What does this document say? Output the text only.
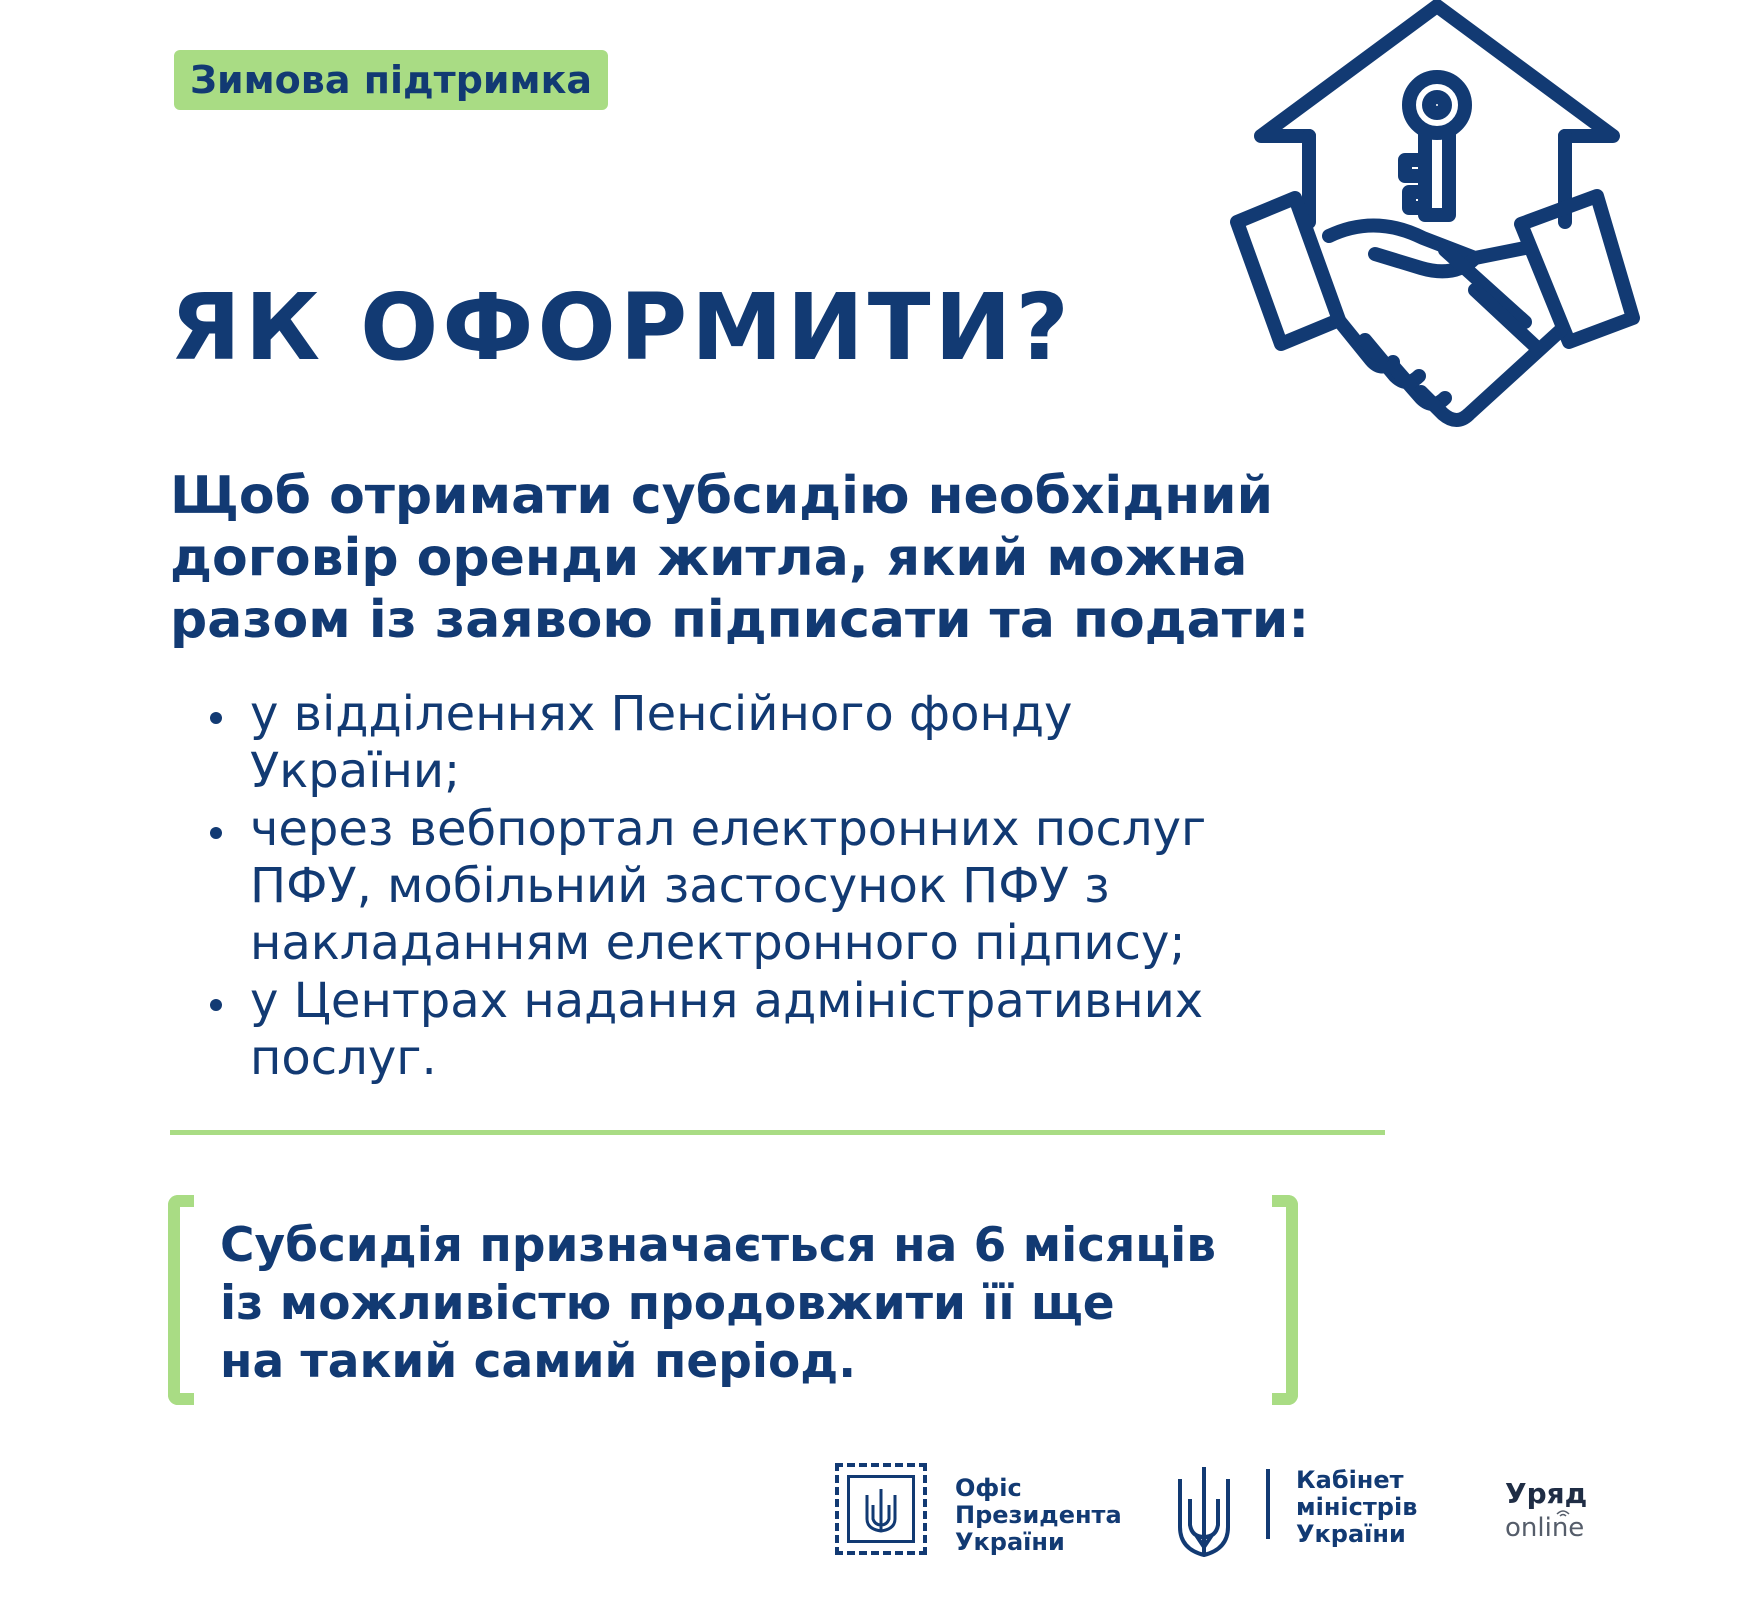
Зимова підтримка
ЯК ОФОРМИТИ?
Щоб отримати субсидію необхідний
договір оренди житла, який можна
разом із заявою підписати та подати:
у відділеннях Пенсійного фонду
України;
через вебпортал електронних послуг
ПФУ, мобільний застосунок ПФУ з
накладанням електронного підпису;
у Центрах надання адміністративних
послуг.
Субсидія призначається на 6 місяців
із можливістю продовжити її ще
на такий самий період.
Офіс
Президента
України
Кабінет
міністрів
України
Уряд
online
